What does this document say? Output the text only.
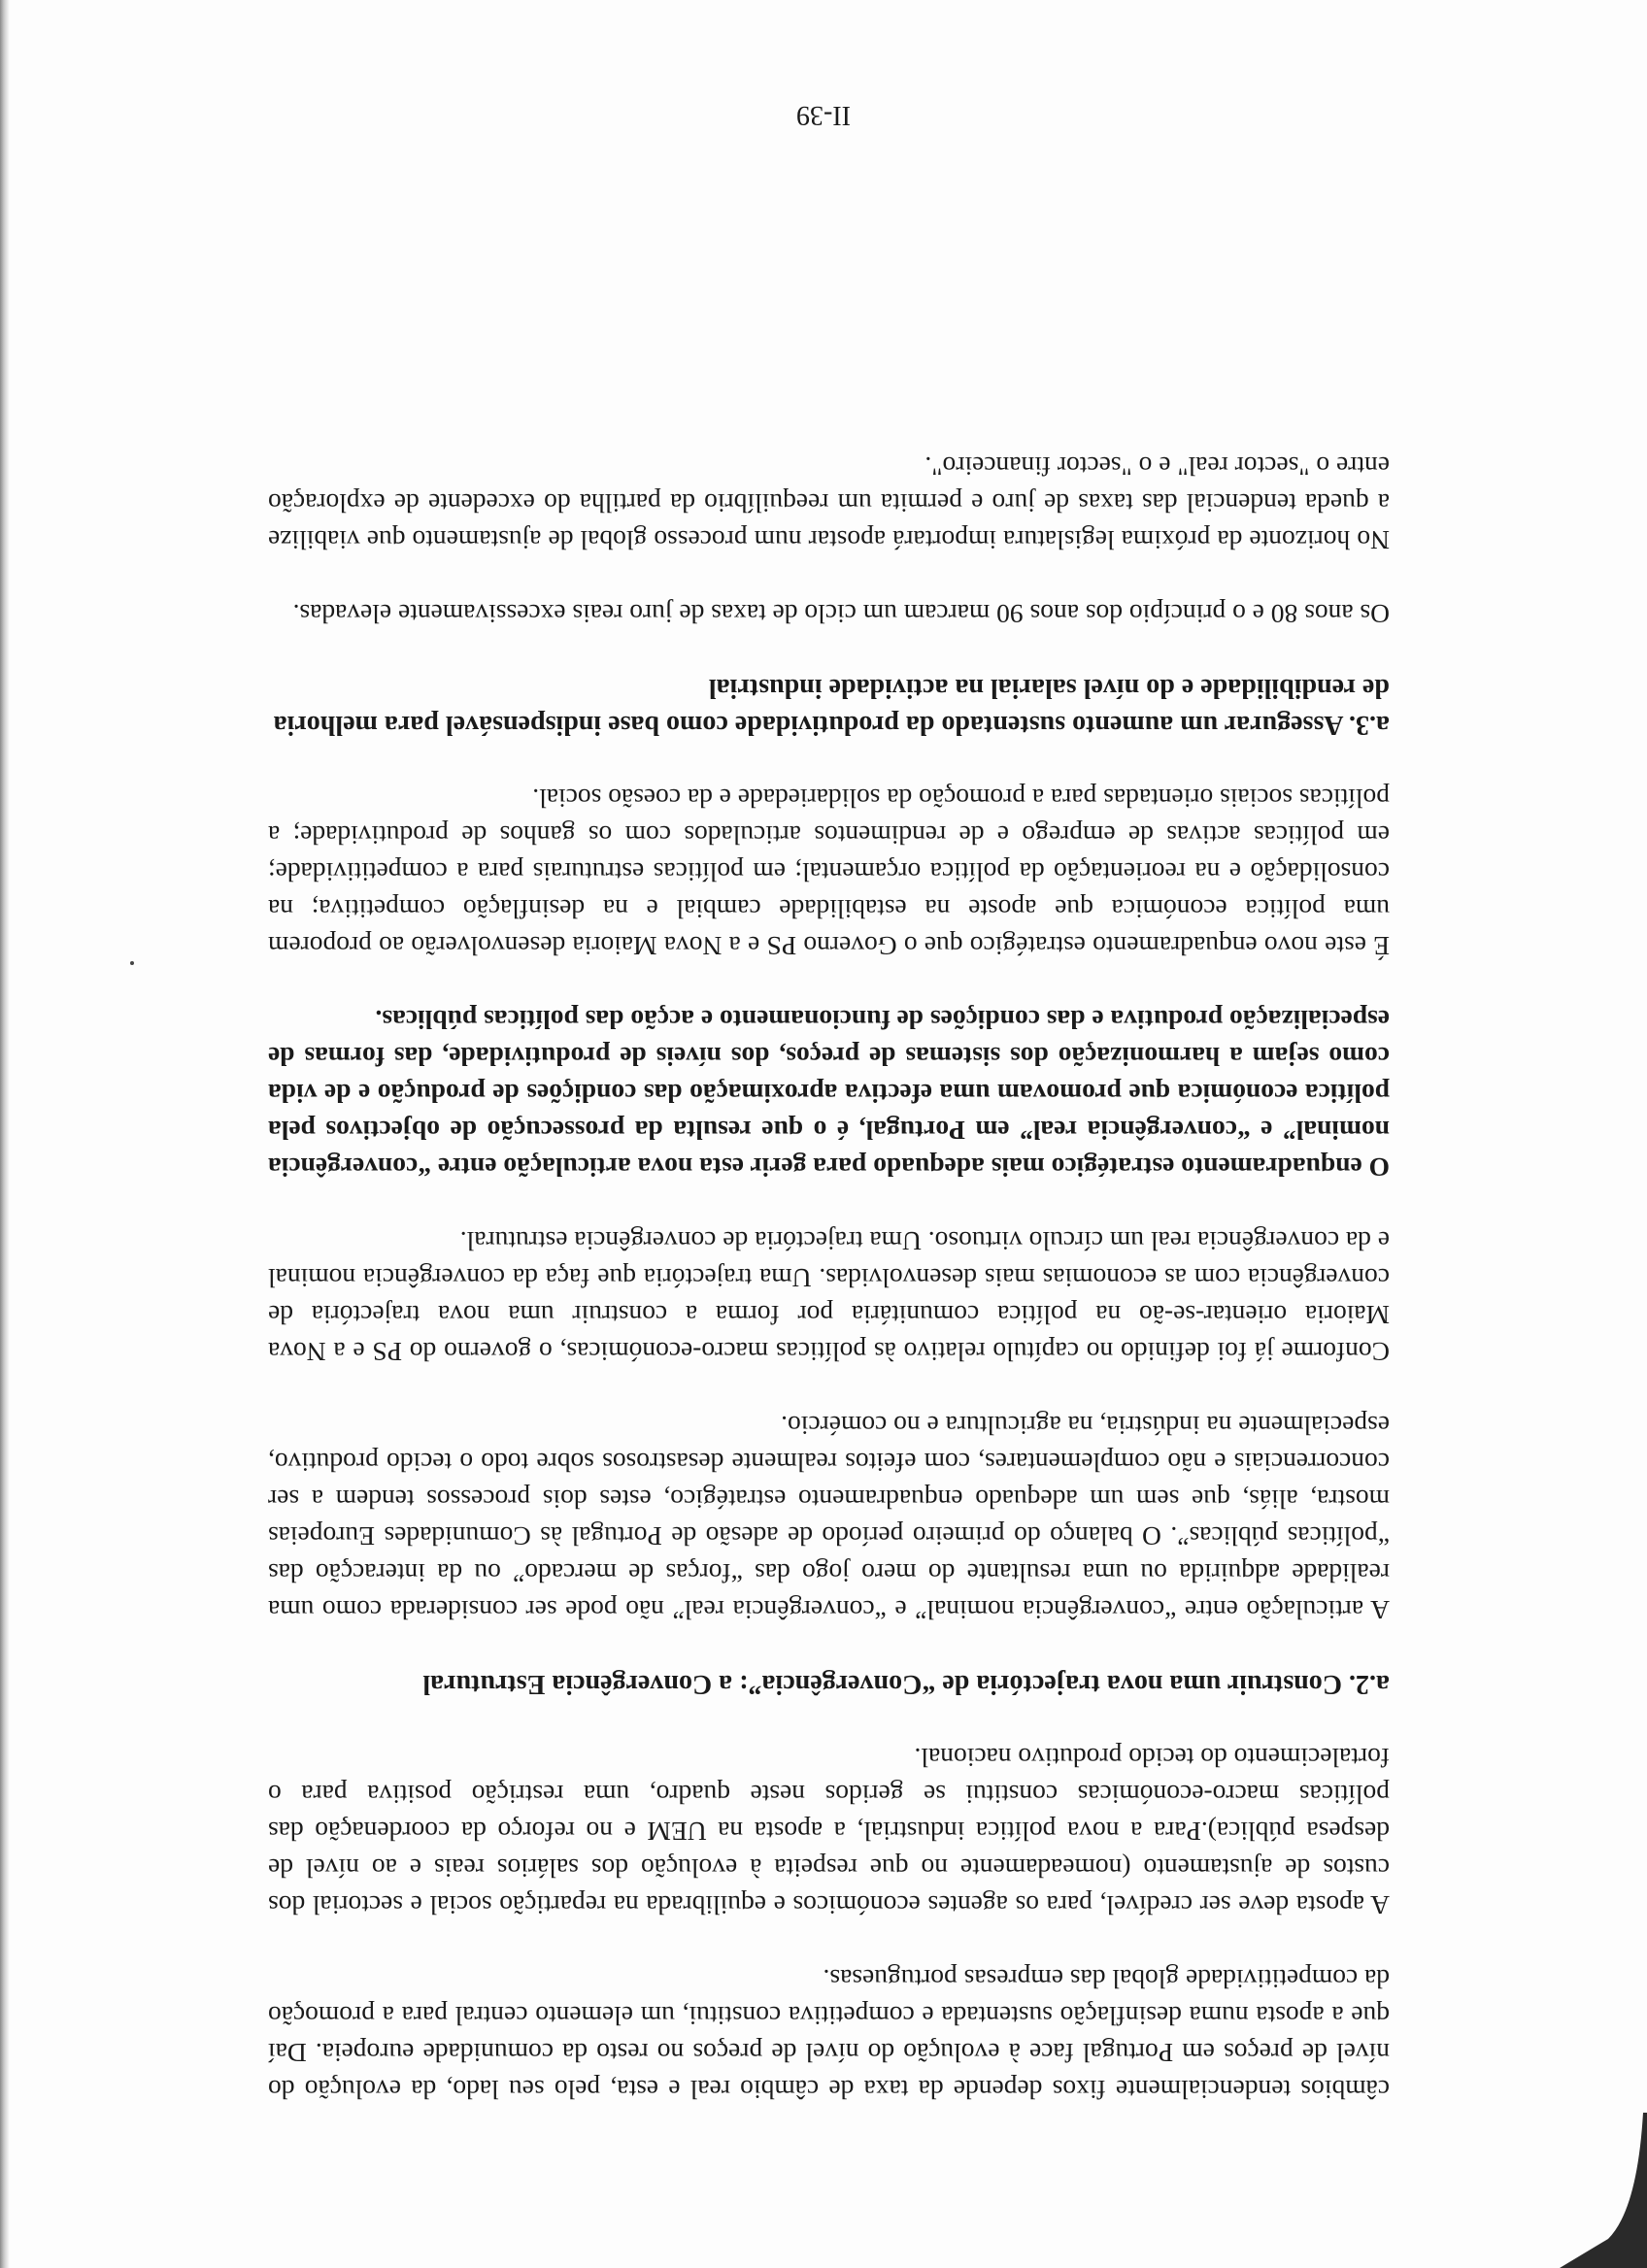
câmbios tendencialmente fixos depende da taxa de câmbio real e esta, pelo seu lado, da evolução do nível de preços em Portugal face à evolução do nível de preços no resto da comunidade europeia. Daí que a aposta numa desinflação sustentada e competitiva constitui, um elemento central para a promoção da competitividade global das empresas portuguesas.

A aposta deve ser credível, para os agentes económicos e equilibrada na repartição social e sectorial dos custos de ajustamento (nomeadamente no que respeita à evolução dos salários reais e ao nível de despesa pública).Para a nova política industrial, a aposta na UEM e no reforço da coordenação das políticas macro-económicas constitui se geridos neste quadro, uma restrição positiva para o fortalecimento do tecido produtivo nacional.

a.2. Construir uma nova trajectória de “Convergência”: a Convergência Estrutural

A articulação entre “convergência nominal” e “convergência real” não pode ser considerada como uma realidade adquirida ou uma resultante do mero jogo das “forças de mercado” ou da interacção das “políticas públicas”. O balanço do primeiro período de adesão de Portugal às Comunidades Europeias mostra, aliás, que sem um adequado enquadramento estratégico, estes dois processos tendem a ser concorrenciais e não complementares, com efeitos realmente desastrosos sobre todo o tecido produtivo, especialmente na indústria, na agricultura e no comércio.

Conforme já foi definido no capítulo relativo às políticas macro-económicas, o governo do PS e a Nova Maioria orientar-se-ão na política comunitária por forma a construir uma nova trajectória de convergência com as economias mais desenvolvidas. Uma trajectória que faça da convergência nominal e da convergência real um círculo virtuoso. Uma trajectória de convergência estrutural.

O enquadramento estratégico mais adequado para gerir esta nova articulação entre “convergência nominal” e “convergência real” em Portugal, é o que resulta da prossecução de objectivos pela política económica que promovam uma efectiva aproximação das condições de produção e de vida como sejam a harmonização dos sistemas de preços, dos níveis de produtividade, das formas de especialização produtiva e das condições de funcionamento e acção das políticas públicas.

É este novo enquadramento estratégico que o Governo PS e a Nova Maioria desenvolverão ao proporem uma política económica que aposte na estabilidade cambial e na desinflação competitiva; na consolidação e na reorientação da política orçamental; em políticas estruturais para a competitividade; em políticas activas de emprego e de rendimentos articulados com os ganhos de produtividade; a políticas sociais orientadas para a promoção da solidariedade e da coesão social.

a.3. Assegurar um aumento sustentado da produtividade como base indispensável para melhoria de rendibilidade e do nível salarial na actividade industrial

Os anos 80 e o princípio dos anos 90 marcam um ciclo de taxas de juro reais excessivamente elevadas.

No horizonte da próxima legislatura importará apostar num processo global de ajustamento que viabilize a queda tendencial das taxas de juro e permita um reequilíbrio da partilha do excedente de exploração entre o "sector real" e o "sector financeiro".

II-39
